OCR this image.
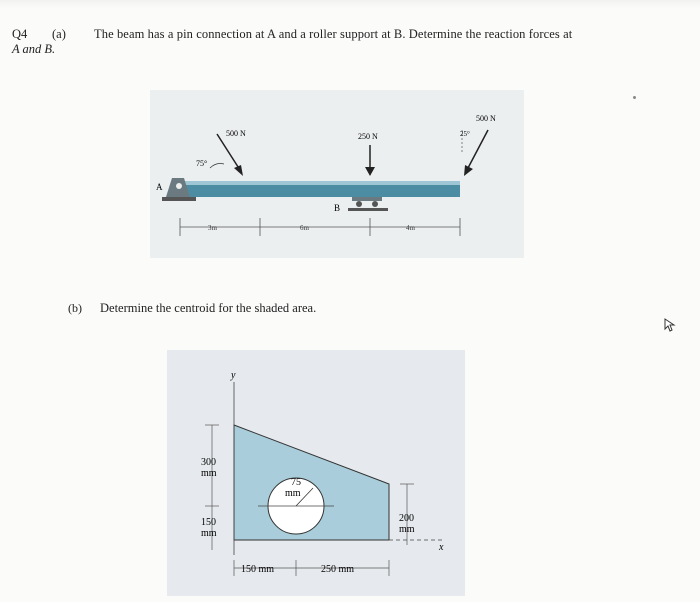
Q4 (a) The beam has a pin connection at A and a roller support at B. Determine the reaction forces at
A and B.
500 N
75°
250 N
500 N
25°
A
B
3m	6m	4m
(b) Determine the centroid for the shaded area.
y
x
300
mm
150
mm
75
mm
200
mm
150 mm	250 mm
